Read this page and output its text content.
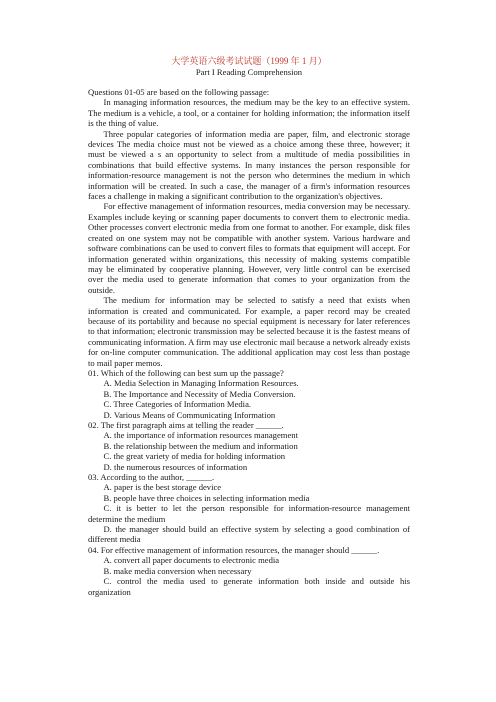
大学英语六级考试试题（1999 年 1 月）
Part I Reading Comprehension

Questions 01-05 are based on the following passage:

In managing information resources, the medium may be the key to an effective system. The medium is a vehicle, a tool, or a container for holding information; the information itself is the thing of value.

Three popular categories of information media are paper, film, and electronic storage devices The media choice must not be viewed as a choice among these three, however; it must be viewed a s an opportunity to select from a multitude of media possibilities in combinations that build effective systems. In many instances the person responsible for information-resource management is not the person who determines the medium in which information will be created. In such a case, the manager of a firm's information resources faces a challenge in making a significant contribution to the organization's objectives.

For effective management of information resources, media conversion may be necessary. Examples include keying or scanning paper documents to convert them to electronic media. Other processes convert electronic media from one format to another. For example, disk files created on one system may not be compatible with another system. Various hardware and software combinations can be used to convert files to formats that equipment will accept. For information generated within organizations, this necessity of making systems compatible may be eliminated by cooperative planning. However, very little control can be exercised over the media used to generate information that comes to your organization from the outside.

The medium for information may be selected to satisfy a need that exists when information is created and communicated. For example, a paper record may be created because of its portability and because no special equipment is necessary for later references to that information; electronic transmission may be selected because it is the fastest means of communicating information. A firm may use electronic mail because a network already exists for on-line computer communication. The additional application may cost less than postage to mail paper memos.

01. Which of the following can best sum up the passage?

A. Media Selection in Managing Information Resources.

B. The Importance and Necessity of Media Conversion.

C. Three Categories of Information Media.

D. Various Means of Communicating Information

02. The first paragraph aims at telling the reader ______.

A. the importance of information resources management

B. the relationship between the medium and information

C. the great variety of media for holding information

D. the numerous resources of information

03. According to the author, ______.

A. paper is the best storage device

B. people have three choices in selecting information media

C. it is better to let the person responsible for information-resource management determine the medium

D. the manager should build an effective system by selecting a good combination of different media

04. For effective management of information resources, the manager should ______.

A. convert all paper documents to electronic media

B. make media conversion when necessary

C. control the media used to generate information both inside and outside his organization
